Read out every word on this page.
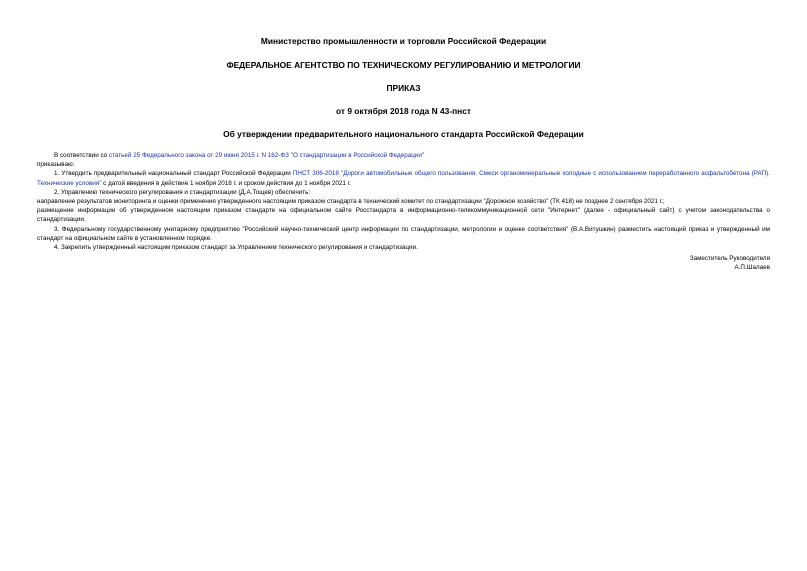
Министерство промышленности и торговли Российской Федерации
ФЕДЕРАЛЬНОЕ АГЕНТСТВО ПО ТЕХНИЧЕСКОМУ РЕГУЛИРОВАНИЮ И МЕТРОЛОГИИ
ПРИКАЗ
от 9 октября 2018 года N 43-пнст
Об утверждении предварительного национального стандарта Российской Федерации

В соответствии со статьей 25 Федерального закона от 29 июня 2015 г. N 162-ФЗ "О стандартизации в Российской Федерации"

приказываю:

1. Утвердить предварительный национальный стандарт Российской Федерации ПНСТ 306-2018 "Дороги автомобильные общего пользования. Смеси органоминеральные холодные с использованием переработанного асфальтобетона (РАП). Технические условия" с датой введения в действие 1 ноября 2018 г. и сроком действия до 1 ноября 2021 г.

2. Управлению технического регулирования и стандартизации (Д.А.Тощев) обеспечить:

направление результатов мониторинга и оценки применения утвержденного настоящим приказом стандарта в технический комитет по стандартизации "Дорожное хозяйство" (ТК 418) не позднее 2 сентября 2021 г.;

размещение информации об утвержденном настоящим приказом стандарте на официальном сайте Росстандарта в информационно-телекоммуникационной сети "Интернет" (далее - официальный сайт) с учетом законодательства о стандартизации.

3. Федеральному государственному унитарному предприятию "Российский научно-технический центр информации по стандартизации, метрологии и оценке соответствия" (В.А.Витушкин) разместить настоящий приказ и утвержденный им стандарт на официальном сайте в установленном порядке.

4. Закрепить утвержденный настоящим приказом стандарт за Управлением технического регулирования и стандартизации.

Заместитель Руководителя
А.П.Шалаев
